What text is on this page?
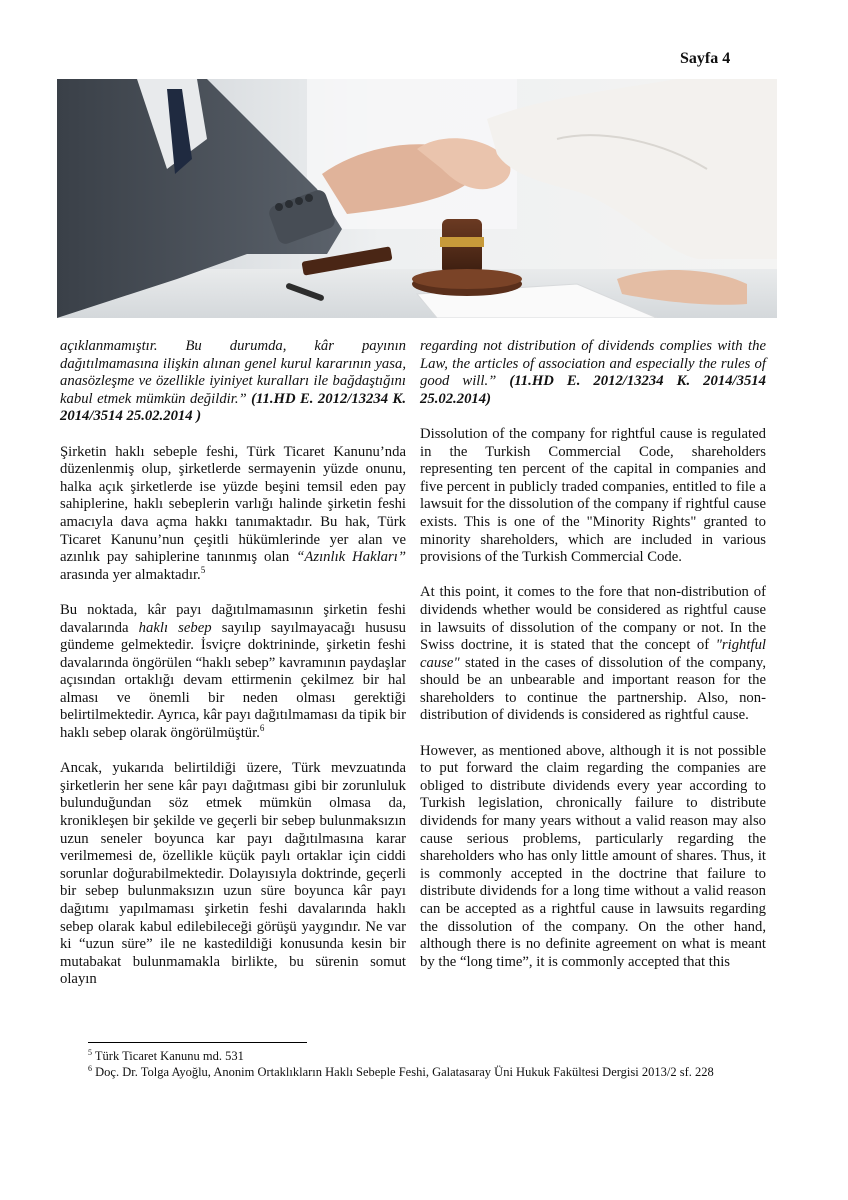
Sayfa 4

açıklanmamıştır. Bu durumda, kâr payının dağıtılmamasına ilişkin alınan genel kurul kararının yasa, anasözleşme ve özellikle iyiniyet kuralları ile bağdaştığını kabul etmek mümkün değildir.” (11.HD E. 2012/13234 K. 2014/3514 25.02.2014 )

Şirketin haklı sebeple feshi, Türk Ticaret Kanunu’nda düzenlenmiş olup, şirketlerde sermayenin yüzde onunu, halka açık şirketlerde ise yüzde beşini temsil eden pay sahiplerine, haklı sebeplerin varlığı halinde şirketin feshi amacıyla dava açma hakkı tanımaktadır. Bu hak, Türk Ticaret Kanunu’nun çeşitli hükümlerinde yer alan ve azınlık pay sahiplerine tanınmış olan “Azınlık Hakları” arasında yer almaktadır.$^5$

Bu noktada, kâr payı dağıtılmamasının şirketin feshi davalarında haklı sebep sayılıp sayılmayacağı hususu gündeme gelmektedir. İsviçre doktrininde, şirketin feshi davalarında öngörülen “haklı sebep” kavramının paydaşlar açısından ortaklığı devam ettirmenin çekilmez bir hal alması ve önemli bir neden olması gerektiği belirtilmektedir. Ayrıca, kâr payı dağıtılmaması da tipik bir haklı sebep olarak öngörülmüştür.$^6$

Ancak, yukarıda belirtildiği üzere, Türk mevzuatında şirketlerin her sene kâr payı dağıtması gibi bir zorunluluk bulunduğundan söz etmek mümkün olmasa da, kronikleşen bir şekilde ve geçerli bir sebep bulunmaksızın uzun seneler boyunca kar payı dağıtılmasına karar verilmemesi de, özellikle küçük paylı ortaklar için ciddi sorunlar doğurabilmektedir. Dolayısıyla doktrinde, geçerli bir sebep bulunmaksızın uzun süre boyunca kâr payı dağıtımı yapılmaması şirketin feshi davalarında haklı sebep olarak kabul edilebileceği görüşü yaygındır. Ne var ki “uzun süre” ile ne kastedildiği konusunda kesin bir mutabakat bulunmamakla birlikte, bu sürenin somut olayın

regarding not distribution of dividends complies with the Law, the articles of association and especially the rules of good will.” (11.HD E. 2012/13234 K. 2014/3514 25.02.2014)

Dissolution of the company for rightful cause is regulated in the Turkish Commercial Code, shareholders representing ten percent of the capital in companies and five percent in publicly traded companies, entitled to file a lawsuit for the dissolution of the company if rightful cause exists. This is one of the "Minority Rights" granted to minority shareholders, which are included in various provisions of the Turkish Commercial Code.

At this point, it comes to the fore that non-distribution of dividends whether would be considered as rightful cause in lawsuits of dissolution of the company or not. In the Swiss doctrine, it is stated that the concept of "rightful cause" stated in the cases of dissolution of the company, should be an unbearable and important reason for the shareholders to continue the partnership. Also, non-distribution of dividends is considered as rightful cause.

However, as mentioned above, although it is not possible to put forward the claim regarding the companies are obliged to distribute dividends every year according to Turkish legislation, chronically failure to distribute dividends for many years without a valid reason may also cause serious problems, particularly regarding the shareholders who has only little amount of shares. Thus, it is commonly accepted in the doctrine that failure to distribute dividends for a long time without a valid reason can be accepted as a rightful cause in lawsuits regarding the dissolution of the company. On the other hand, although there is no definite agreement on what is meant by the “long time”, it is commonly accepted that this

$^5$ Türk Ticaret Kanunu md. 531
$^6$ Doç. Dr. Tolga Ayoğlu, Anonim Ortaklıkların Haklı Sebeple Feshi, Galatasaray Üni Hukuk Fakültesi Dergisi 2013/2 sf. 228
